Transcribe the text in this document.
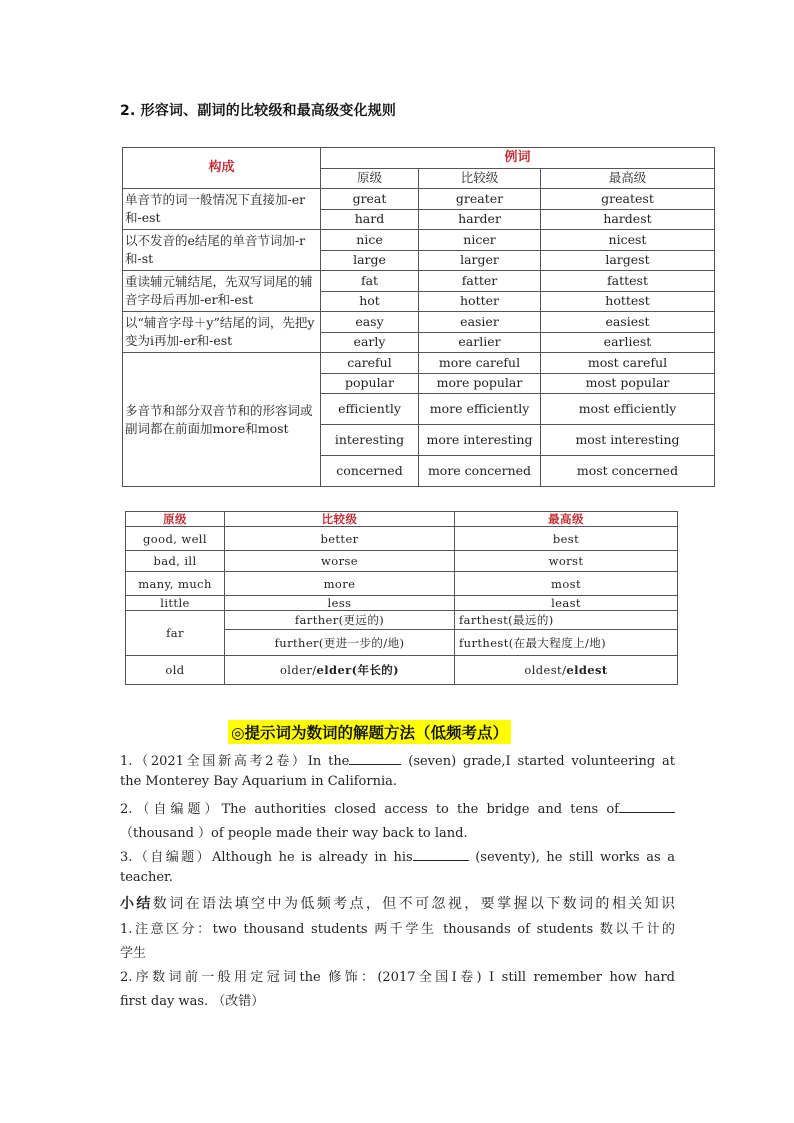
2. 形容词、副词的比较级和最高级变化规则
构成	例词		
	原级	比较级	最高级
单音节的词一般情况下直接加-er和-est	great	greater	greatest
	hard	harder	hardest
以不发音的e结尾的单音节词加-r和-st	nice	nicer	nicest
	large	larger	largest
重读辅元辅结尾，先双写词尾的辅音字母后再加-er和-est	fat	fatter	fattest
	hot	hotter	hottest
以“辅音字母＋y”结尾的词，先把y变为i再加-er和-est	easy	easier	easiest
	early	earlier	earliest
多音节和部分双音节和的形容词或副词都在前面加more和most	careful	more careful	most careful
	popular	more popular	most popular
	efficiently	more efficiently	most efficiently
	interesting	more interesting	most interesting
	concerned	more concerned	most concerned
原级	比较级	最高级
good, well	better	best
bad, ill	worse	worst
many, much	more	most
little	less	least
far	farther(更远的)	farthest(最远的)
	further(更进一步的/地)	furthest(在最大程度上/地)
old	older/elder(年长的)	oldest/eldest
◎提示词为数词的解题方法（低频考点）
1.（2021全国新高考2卷）In the	(seven) grade,I started volunteering at
the Monterey Bay Aquarium in California.
2.（自编题）The authorities closed access to the bridge and tens of
（thousand ）of people made their way back to land.
3.（自编题）Although he is already in his	(seventy), he still works as a
teacher.
小结数词在语法填空中为低频考点，但不可忽视，要掌握以下数词的相关知识
1.注意区分：two thousand students 两千学生 thousands of students 数以千计的
学生
2.序数词前一般用定冠词the 修饰：(2017全国Ⅰ卷) I still remember how hard
first day was. （改错）
